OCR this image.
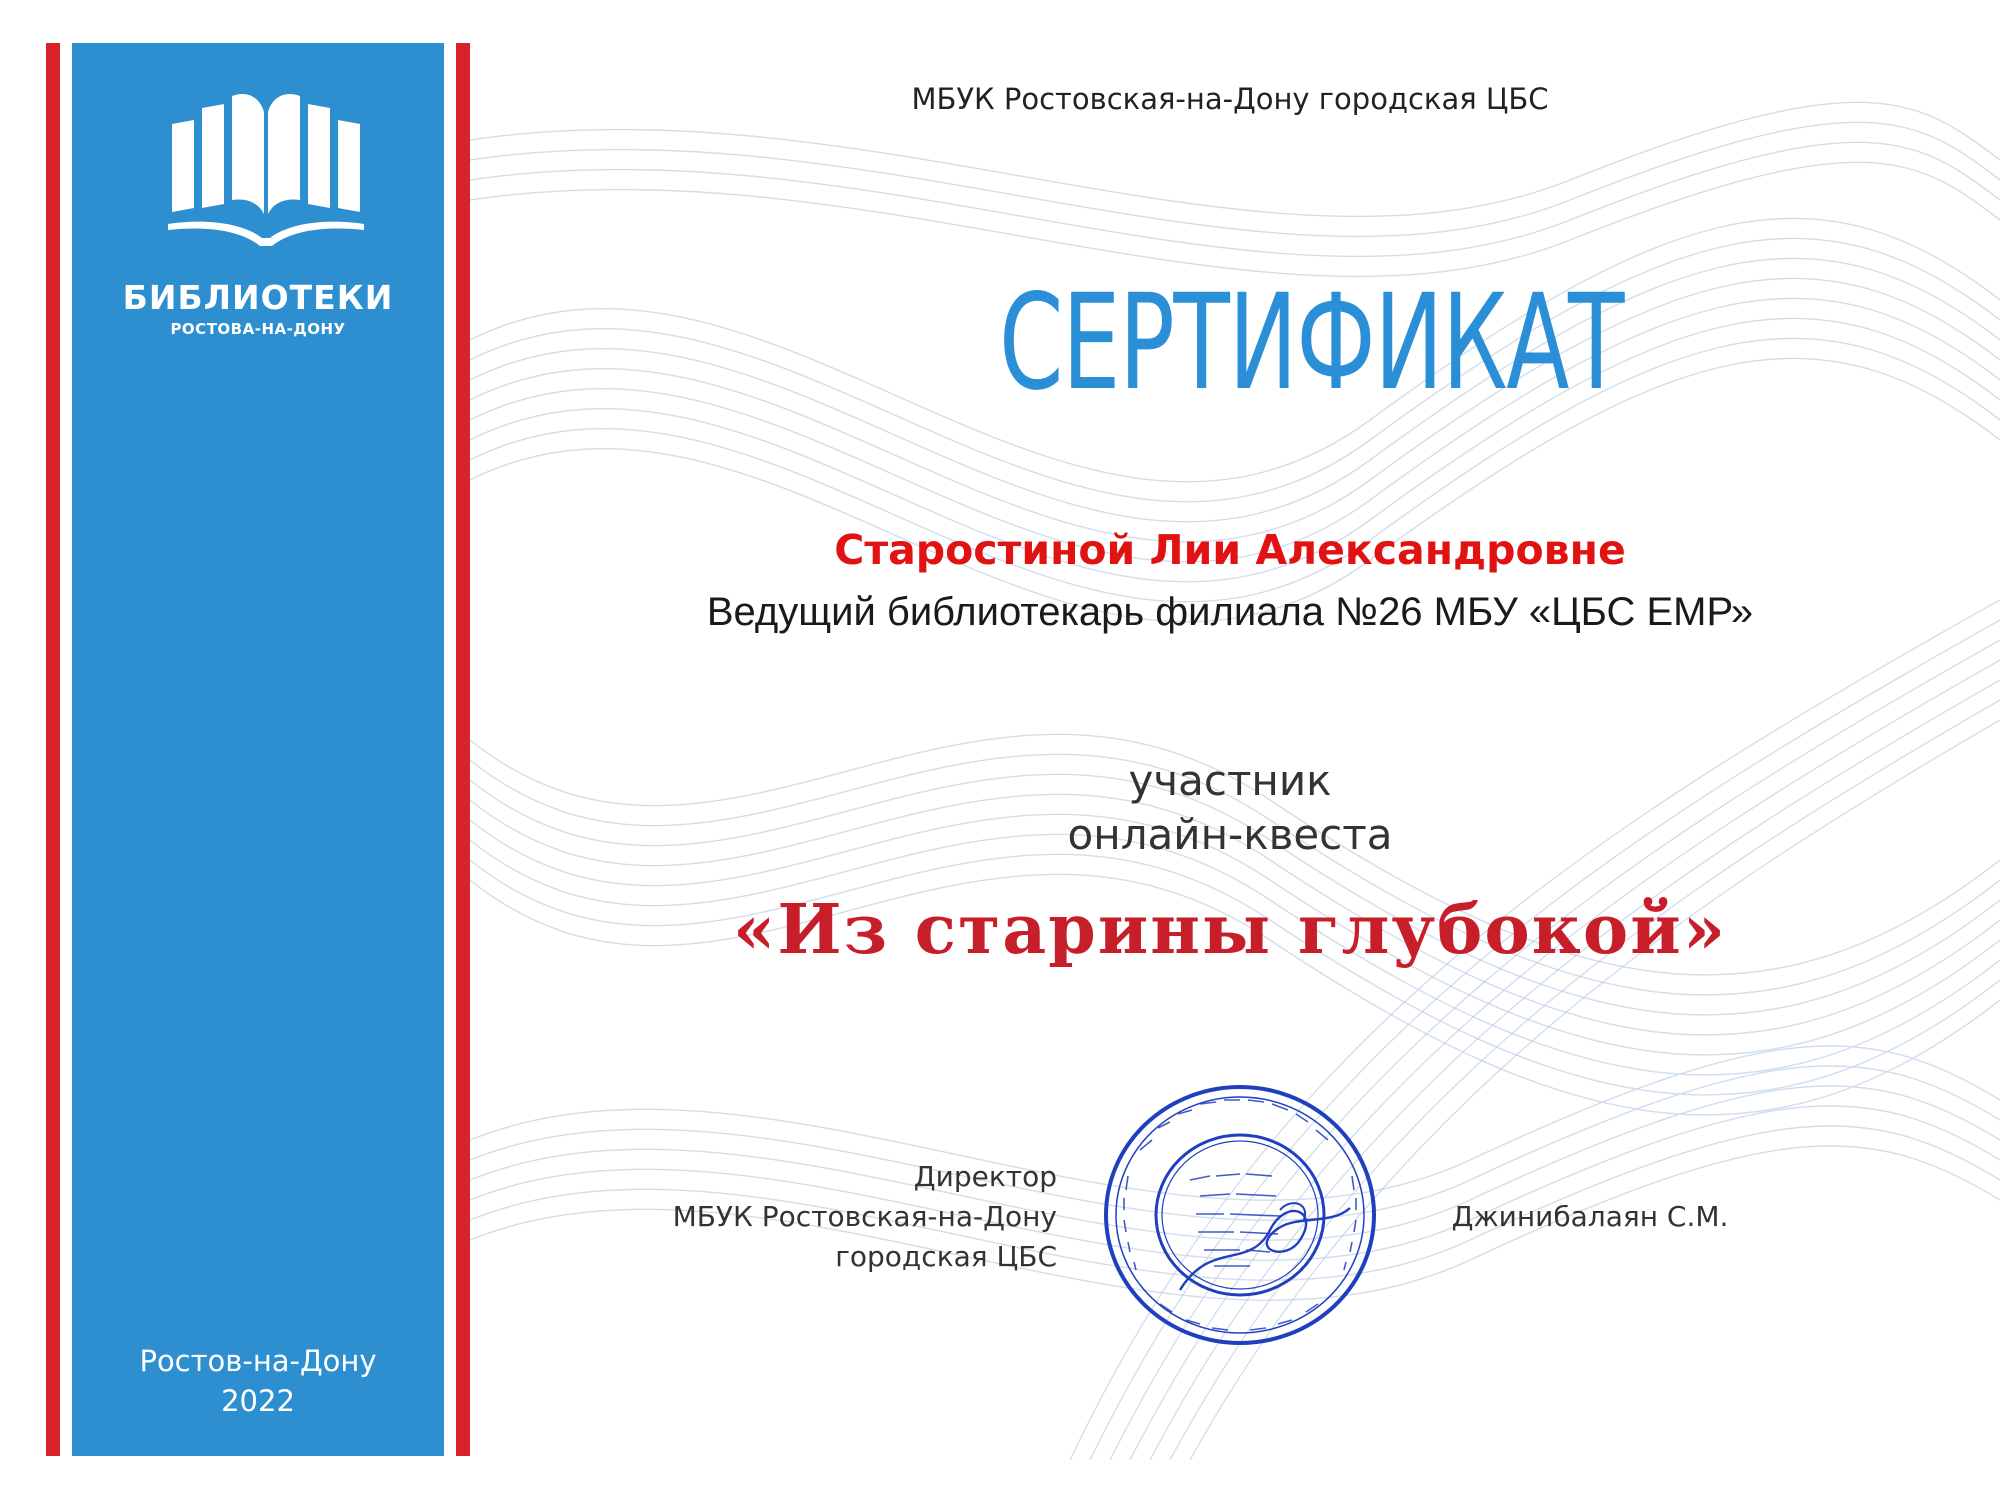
БИБЛИОТЕКИ
РОСТОВА-НА-ДОНУ
Ростов-на-Дону
2022
МБУК Ростовская-на-Дону городская ЦБС
СЕРТИФИКАТ
Старостиной Лии Александровне
Ведущий библиотекарь филиала №26 МБУ «ЦБС ЕМР»
участник
онлайн-квеста
«Из старины глубокой»
Директор
МБУК Ростовская-на-Дону
городская ЦБС
Джинибалаян С.М.
